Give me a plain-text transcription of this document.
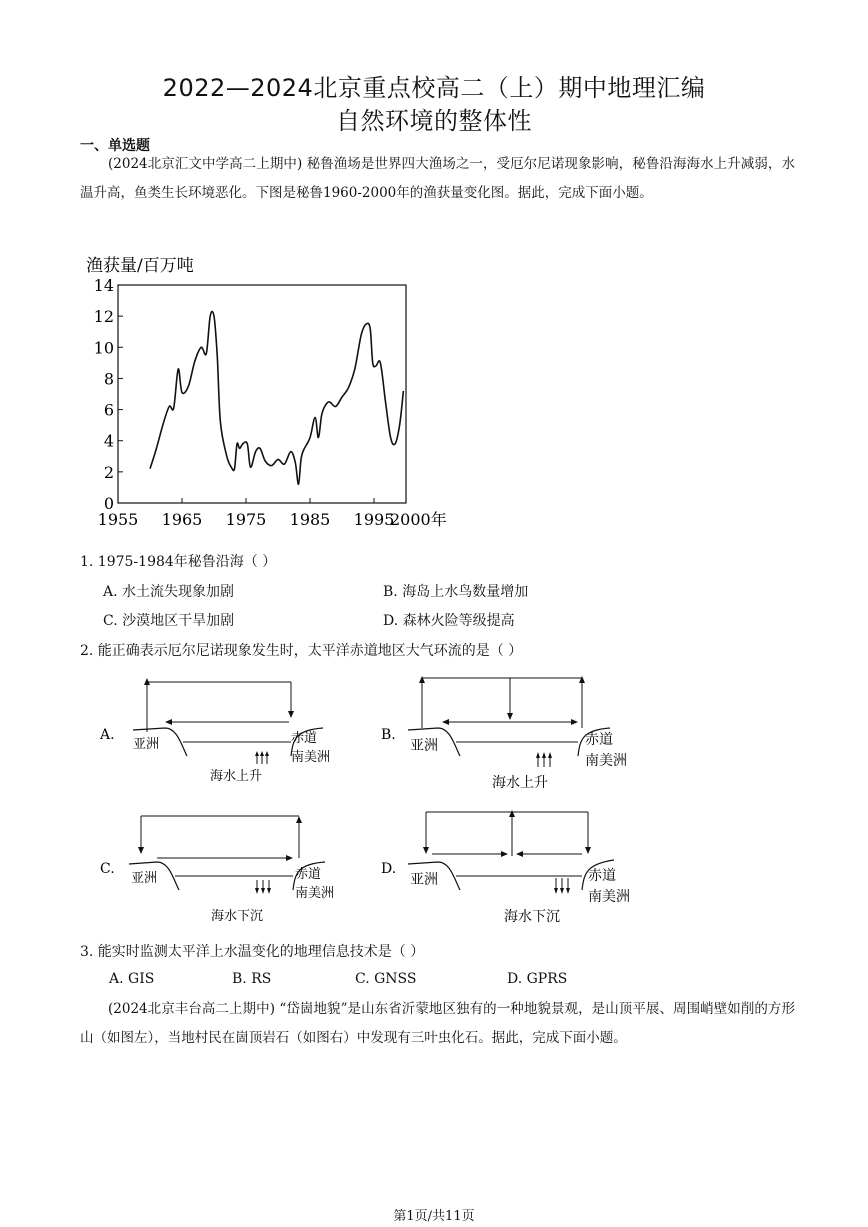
2022—2024北京重点校高二（上）期中地理汇编
自然环境的整体性
一、单选题
(2024北京汇文中学高二上期中) 秘鲁渔场是世界四大渔场之一，受厄尔尼诺现象影响，秘鲁沿海海水上升减弱，水温升高，鱼类生长环境恶化。下图是秘鲁1960-2000年的渔获量变化图。据此，完成下面小题。
渔获量/百万吨
0
2
4
6
8
10
12
14
1955 1965 1975 1985 1995
2000年
1. 1975-1984年秘鲁沿海（ ）
A. 水土流失现象加剧	B. 海岛上水鸟数量增加
C. 沙漠地区干旱加剧	D. 森林火险等级提高
2. 能正确表示厄尔尼诺现象发生时，太平洋赤道地区大气环流的是（ ）
A.
亚洲	赤道
南美洲
海水上升
B.
亚洲	赤道
南美洲
海水上升
C.
亚洲	赤道
南美洲
海水下沉
D.
亚洲	赤道
南美洲
海水下沉
3. 能实时监测太平洋上水温变化的地理信息技术是（ ）
A. GIS	B. RS	C. GNSS	D. GPRS
(2024北京丰台高二上期中) “岱崮地貌”是山东省沂蒙地区独有的一种地貌景观，是山顶平展、周围峭壁如削的方形山（如图左），当地村民在崮顶岩石（如图右）中发现有三叶虫化石。据此，完成下面小题。
第1页/共11页
